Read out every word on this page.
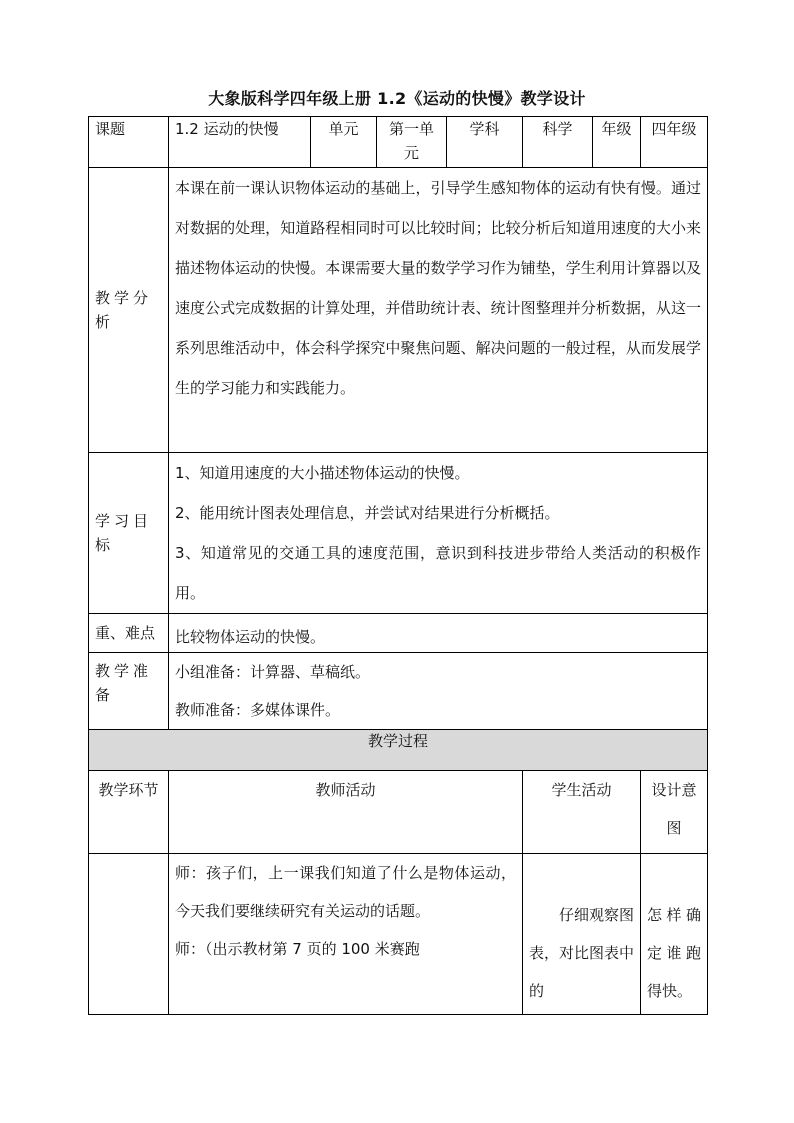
大象版科学四年级上册 1.2《运动的快慢》教学设计
课题	1.2 运动的快慢	单元	第一单元	学科	科学	年级	四年级
教学分析	本课在前一课认识物体运动的基础上，引导学生感知物体的运动有快有慢。通过对数据的处理，知道路程相同时可以比较时间；比较分析后知道用速度的大小来描述物体运动的快慢。本课需要大量的数学学习作为铺垫，学生利用计算器以及速度公式完成数据的计算处理，并借助统计表、统计图整理并分析数据，从这一系列思维活动中，体会科学探究中聚焦问题、解决问题的一般过程，从而发展学生的学习能力和实践能力。						
学习目标	1、知道用速度的大小描述物体运动的快慢。

2、能用统计图表处理信息，并尝试对结果进行分析概括。

3、知道常见的交通工具的速度范围，意识到科技进步带给人类活动的积极作用。						

重、难点	比较物体运动的快慢。						
教学准备	小组准备：计算器、草稿纸。

教师准备：多媒体课件。						

教学过程							
教学环节	教师活动				学生活动		设计意图

	师：孩子们，上一课我们知道了什么是物体运动，今天我们要继续研究有关运动的话题。

师：（出示教材第 7 页的 100 米赛跑				仔细观察图表，对比图表中的		怎样确定谁跑得快。
